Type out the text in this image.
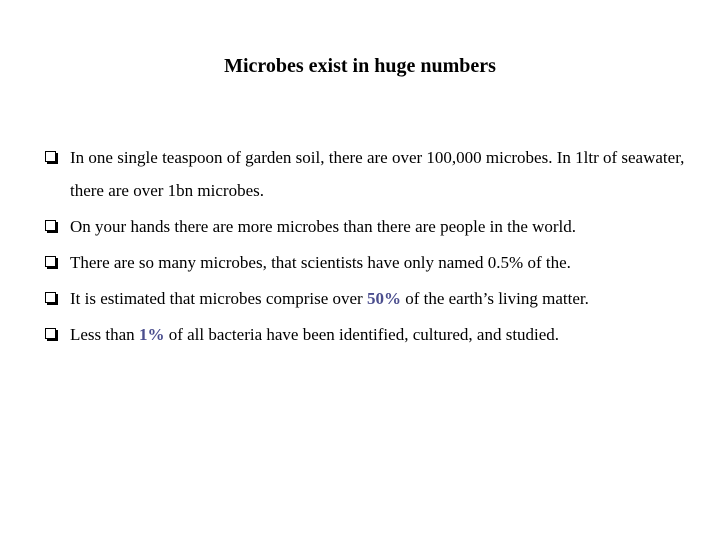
Microbes exist in huge numbers
In one single teaspoon of garden soil, there are over 100,000 microbes. In 1ltr of seawater, there are over 1bn microbes.
On your hands there are more microbes than there are people in the world.
There are so many microbes, that scientists have only named 0.5% of the.
It is estimated that microbes comprise over 50% of the earth’s living matter.
Less than 1% of all bacteria have been identified, cultured, and studied.
